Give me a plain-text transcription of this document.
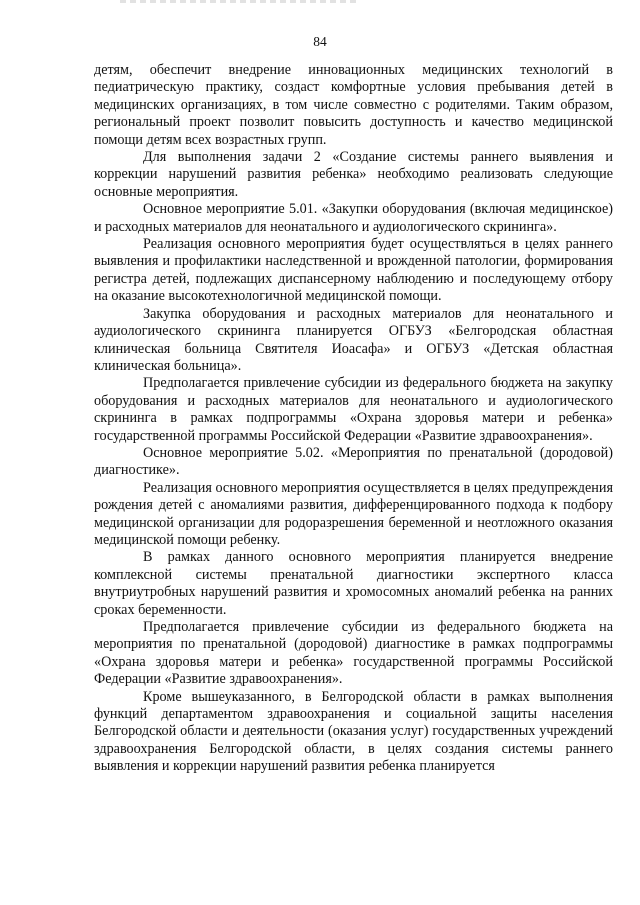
84

детям, обеспечит внедрение инновационных медицинских технологий в педиатрическую практику, создаст комфортные условия пребывания детей в медицинских организациях, в том числе совместно с родителями. Таким образом, региональный проект позволит повысить доступность и качество медицинской помощи детям всех возрастных групп.

Для выполнения задачи 2 «Создание системы раннего выявления и коррекции нарушений развития ребенка» необходимо реализовать следующие основные мероприятия.

Основное мероприятие 5.01. «Закупки оборудования (включая медицинское) и расходных материалов для неонатального и аудиологического скрининга».

Реализация основного мероприятия будет осуществляться в целях раннего выявления и профилактики наследственной и врожденной патологии, формирования регистра детей, подлежащих диспансерному наблюдению и последующему отбору на оказание высокотехнологичной медицинской помощи.

Закупка оборудования и расходных материалов для неонатального и аудиологического скрининга планируется ОГБУЗ «Белгородская областная клиническая больница Святителя Иоасафа» и ОГБУЗ «Детская областная клиническая больница».

Предполагается привлечение субсидии из федерального бюджета на закупку оборудования и расходных материалов для неонатального и аудиологического скрининга в рамках подпрограммы «Охрана здоровья матери и ребенка» государственной программы Российской Федерации «Развитие здравоохранения».

Основное мероприятие 5.02. «Мероприятия по пренатальной (дородовой) диагностике».

Реализация основного мероприятия осуществляется в целях предупреждения рождения детей с аномалиями развития, дифференцированного подхода к подбору медицинской организации для родоразрешения беременной и неотложного оказания медицинской помощи ребенку.

В рамках данного основного мероприятия планируется внедрение комплексной системы пренатальной диагностики экспертного класса внутриутробных нарушений развития и хромосомных аномалий ребенка на ранних сроках беременности.

Предполагается привлечение субсидии из федерального бюджета на мероприятия по пренатальной (дородовой) диагностике в рамках подпрограммы «Охрана здоровья матери и ребенка» государственной программы Российской Федерации «Развитие здравоохранения».

Кроме вышеуказанного, в Белгородской области в рамках выполнения функций департаментом здравоохранения и социальной защиты населения Белгородской области и деятельности (оказания услуг) государственных учреждений здравоохранения Белгородской области, в целях создания системы раннего выявления и коррекции нарушений развития ребенка планируется
